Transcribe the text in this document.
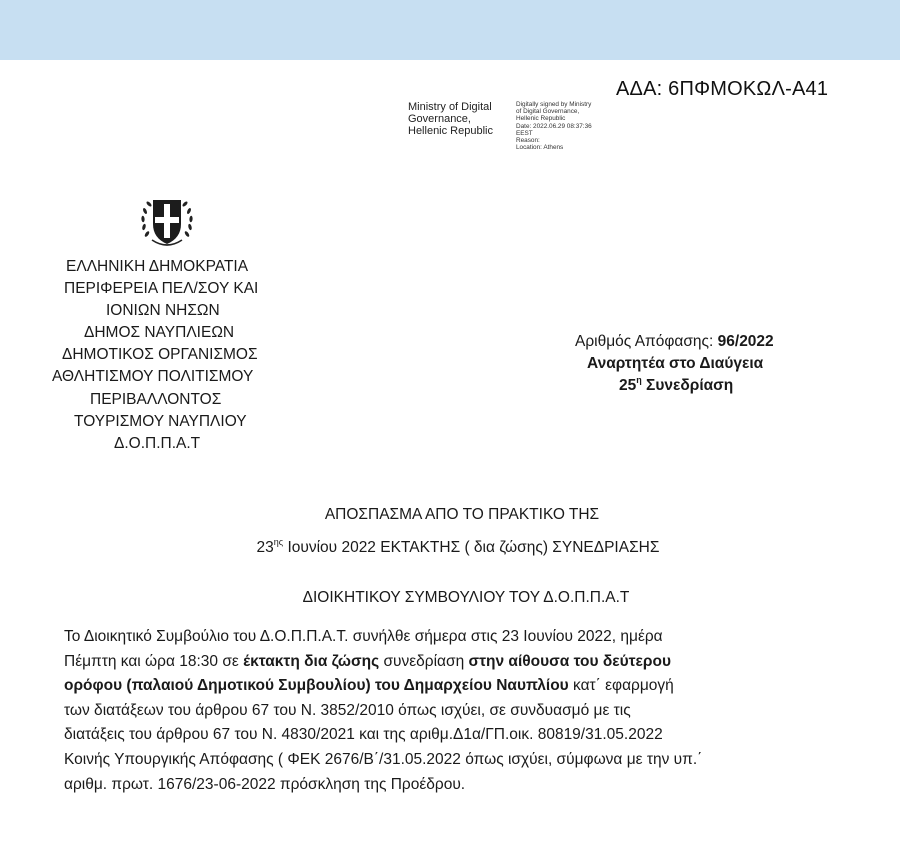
ΑΔΑ: 6ΠΦΜΟΚΩΛ-Α41
Ministry of Digital
Governance,
Hellenic Republic
Digitally signed by Ministry
of Digital Governance,
Hellenic Republic
Date: 2022.06.29 08:37:36
EEST
Reason:
Location: Athens
ΕΛΛΗΝΙΚΗ ΔΗΜΟΚΡΑΤΙΑ
ΠΕΡΙΦΕΡΕΙΑ ΠΕΛ/ΣΟΥ ΚΑΙ
ΙΟΝΙΩΝ ΝΗΣΩΝ
ΔΗΜΟΣ ΝΑΥΠΛΙΕΩΝ
ΔΗΜΟΤΙΚΟΣ ΟΡΓΑΝΙΣΜΟΣ
ΑΘΛΗΤΙΣΜΟΥ ΠΟΛΙΤΙΣΜΟΥ
ΠΕΡΙΒΑΛΛΟΝΤΟΣ
ΤΟΥΡΙΣΜΟΥ ΝΑΥΠΛΙΟΥ
Δ.Ο.Π.Π.Α.Τ
Αριθμός Απόφασης: 96/2022
Αναρτητέα στο Διαύγεια
$25^\eta$ Συνεδρίαση
ΑΠΟΣΠΑΣΜΑ ΑΠΟ ΤΟ ΠΡΑΚΤΙΚΟ ΤΗΣ
$23^{\eta\varsigma}$ Ιουνίου 2022 ΕΚΤΑΚΤΗΣ ( δια ζώσης) ΣΥΝΕΔΡΙΑΣΗΣ
ΔΙΟΙΚΗΤΙΚΟΥ ΣΥΜΒΟΥΛΙΟΥ ΤΟΥ Δ.Ο.Π.Π.Α.Τ
Το Διοικητικό Συμβούλιο του Δ.Ο.Π.Π.Α.Τ. συνήλθε σήμερα στις 23 Ιουνίου 2022, ημέρα
Πέμπτη και ώρα 18:30 σε έκτακτη δια ζώσης συνεδρίαση στην αίθουσα του δεύτερου
ορόφου (παλαιού Δημοτικού Συμβουλίου) του Δημαρχείου Ναυπλίου κατ΄ εφαρμογή
των διατάξεων του άρθρου 67 του Ν. 3852/2010 όπως ισχύει, σε συνδυασμό με τις
διατάξεις του άρθρου 67 του Ν. 4830/2021 και της αριθμ.Δ1α/ΓΠ.οικ. 80819/31.05.2022
Κοινής Υπουργικής Απόφασης ( ΦΕΚ 2676/Β΄/31.05.2022 όπως ισχύει, σύμφωνα με την υπ.΄
αριθμ. πρωτ. 1676/23-06-2022 πρόσκληση της Προέδρου.
